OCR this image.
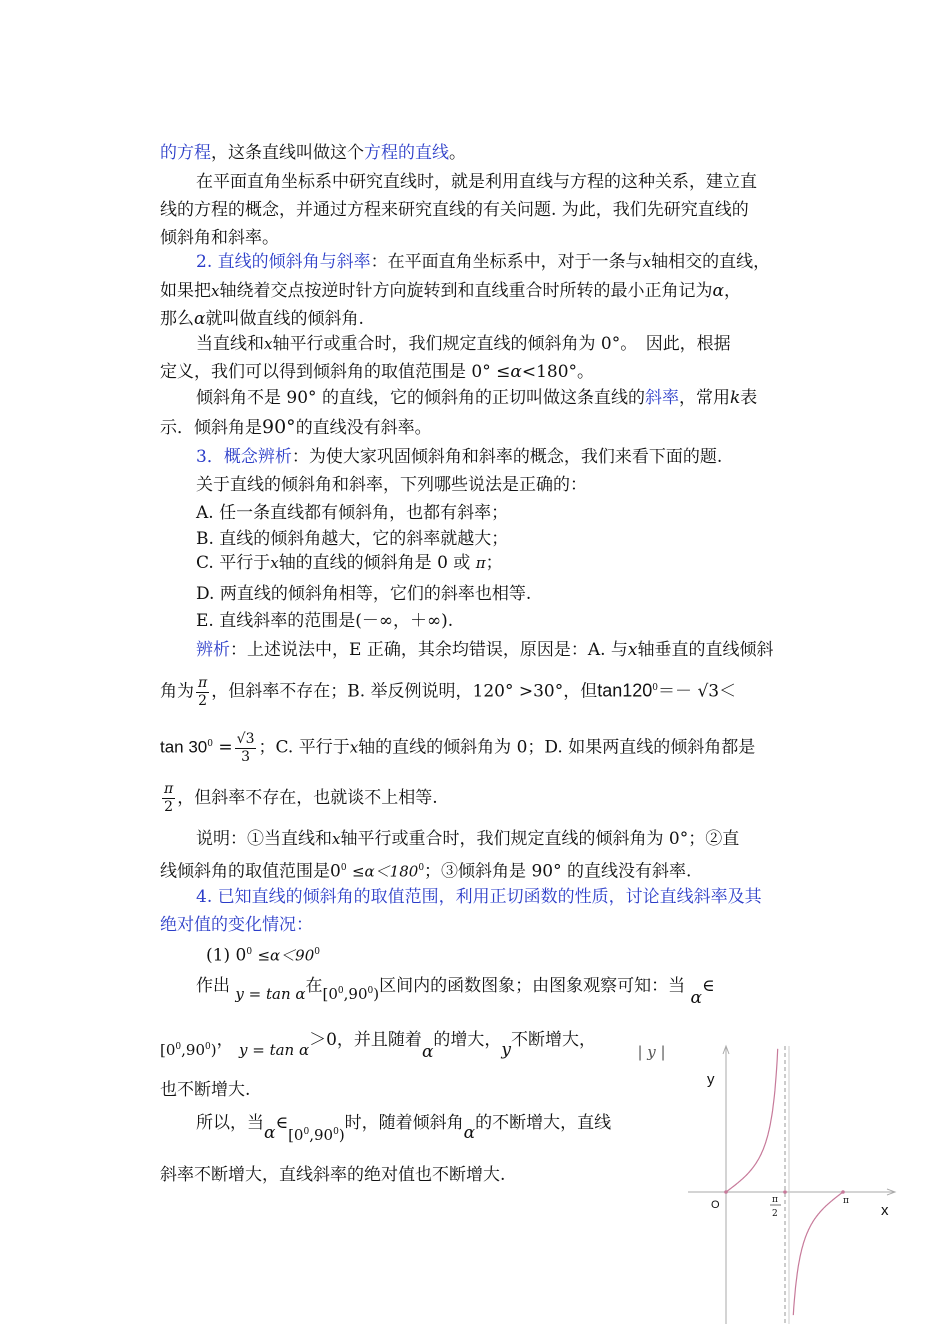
的方程，这条直线叫做这个方程的直线。
在平面直角坐标系中研究直线时，就是利用直线与方程的这种关系，建立直
线的方程的概念，并通过方程来研究直线的有关问题. 为此，我们先研究直线的
倾斜角和斜率。
2. 直线的倾斜角与斜率：在平面直角坐标系中，对于一条与x轴相交的直线，
如果把x轴绕着交点按逆时针方向旋转到和直线重合时所转的最小正角记为α，
那么α就叫做直线的倾斜角.
当直线和x轴平行或重合时，我们规定直线的倾斜角为 0°。　因此，根据
定义，我们可以得到倾斜角的取值范围是 0° ≤α<180°。
倾斜角不是 90° 的直线，它的倾斜角的正切叫做这条直线的斜率，常用k表
示．倾斜角是90°的直线没有斜率。
3．概念辨析：为使大家巩固倾斜角和斜率的概念，我们来看下面的题.
关于直线的倾斜角和斜率，下列哪些说法是正确的：
A. 任一条直线都有倾斜角，也都有斜率；
B. 直线的倾斜角越大，它的斜率就越大；
C. 平行于x轴的直线的倾斜角是 0 或 π；
D. 两直线的倾斜角相等，它们的斜率也相等.
E. 直线斜率的范围是(－∞，＋∞).
辨析：上述说法中，E 正确，其余均错误，原因是：A. 与x轴垂直的直线倾斜
角为 $\frac{\pi}{2}$ ，但斜率不存在；B. 举反例说明，120° >30°，但$\tan 120^0=- √3<$
$\tan 30^0 = \frac{√3}{3}$ ；C. 平行于x轴的直线的倾斜角为 0；D. 如果两直线的倾斜角都是
$\frac{\pi}{2}$ ，但斜率不存在，也就谈不上相等.
说明：①当直线和x轴平行或重合时，我们规定直线的倾斜角为 0°；②直
线倾斜角的取值范围是$0^0 \le\alpha<180^0$；③倾斜角是 90° 的直线没有斜率.
4. 已知直线的倾斜角的取值范围，利用正切函数的性质，讨论直线斜率及其
绝对值的变化情况：
(1) $0^0 \le\alpha<90^0$
作出 y = tan α在$[0^0,90^0)$区间内的函数图象；由图象观察可知：当 α∈
$[0^0,90^0)$， y = tan α＞0，并且随着α的增大，y不断增大， | y |
也不断增大.
所以，当$\alpha\in[0^0,90^0)$时，随着倾斜角α的不断增大，直线
斜率不断增大，直线斜率的绝对值也不断增大.
y
x
O	π
2
π
